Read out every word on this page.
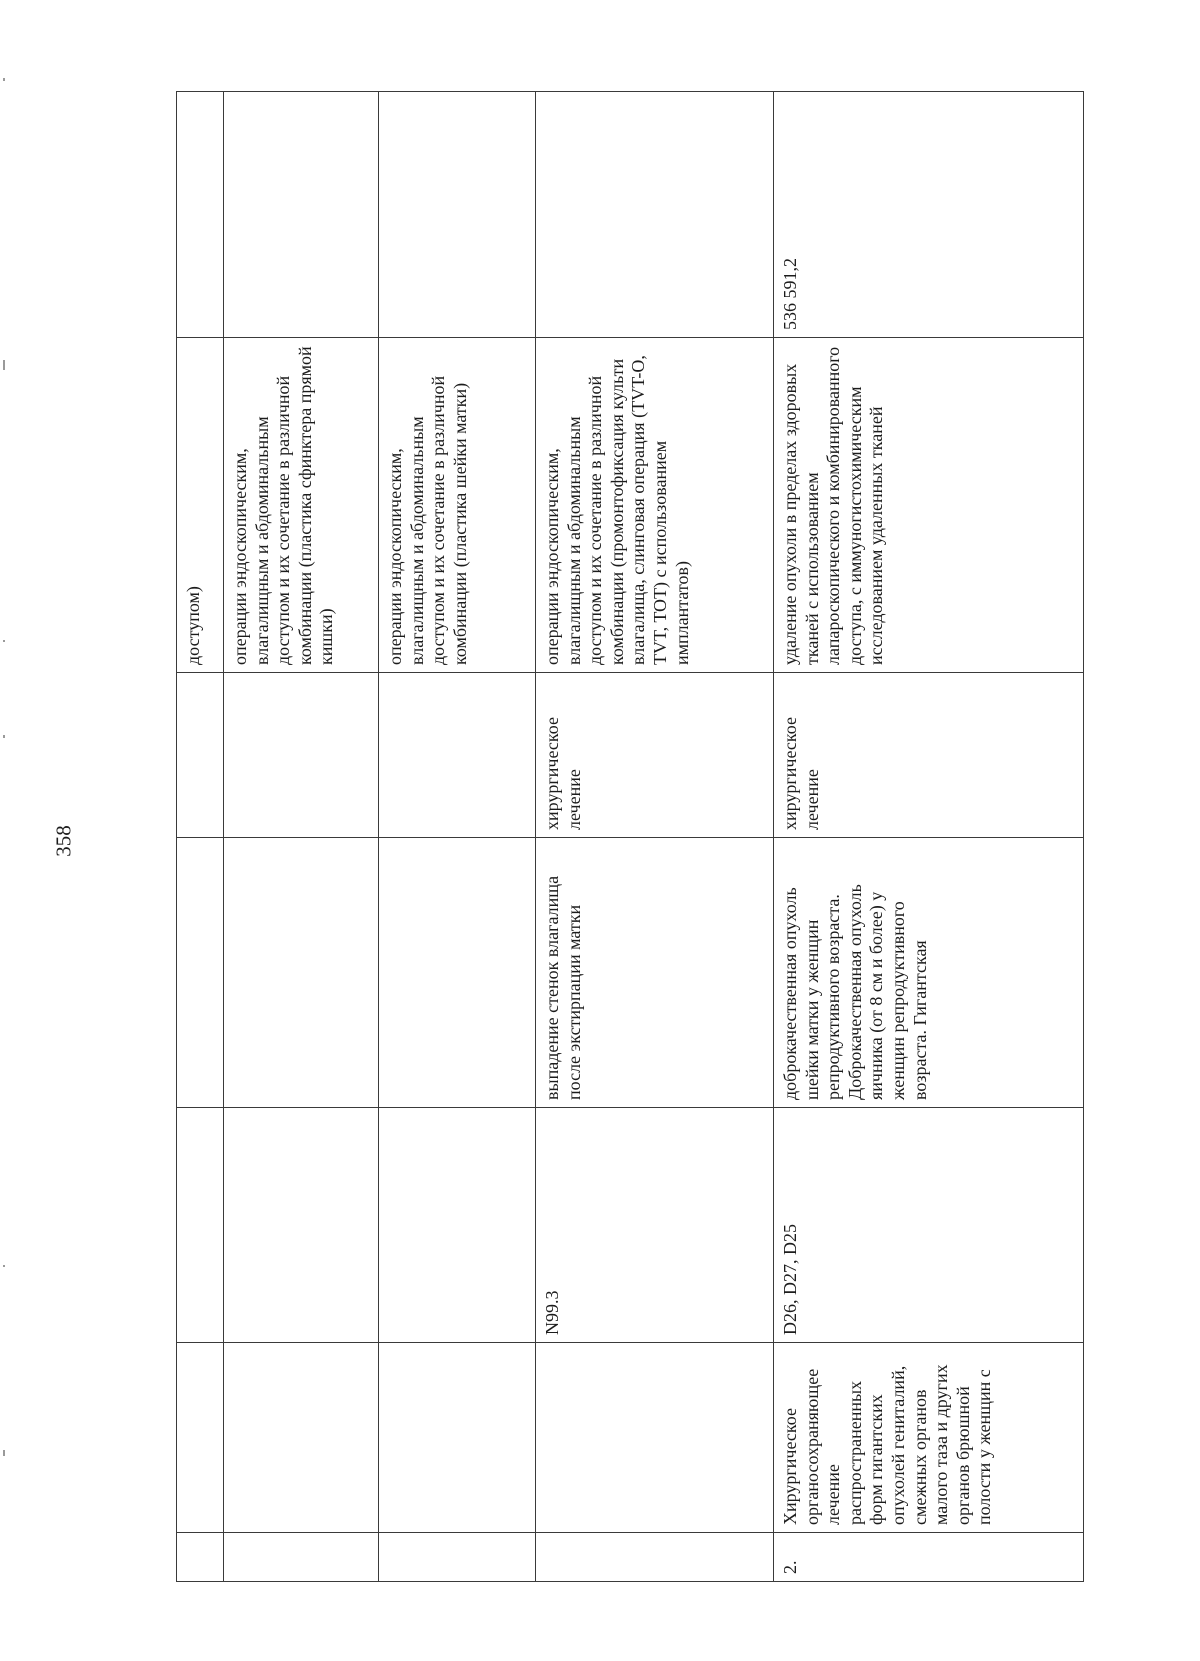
358
					доступом)	
					операции эндоскопическим, влагалищным и абдоминальным доступом и их сочетание в различной комбинации (пластика сфинктера прямой кишки)	
					операции эндоскопическим, влагалищным и абдоминальным доступом и их сочетание в различной комбинации (пластика шейки матки)	
		N99.3	выпадение стенок влагалища после экстирпации матки	хирургическое лечение	операции эндоскопическим, влагалищным и абдоминальным доступом и их сочетание в различной комбинации (промонтофиксация культи влагалища, слинговая операция (TVT-O, TVT, TOT) с использованием имплантатов)	
2.	Хирургическое органосохраняющее лечение распространенных форм гигантских опухолей гениталий, смежных органов малого таза и других органов брюшной полости у женщин с	D26, D27, D25	доброкачественная опухоль шейки матки у женщин репродуктивного возраста. Доброкачественная опухоль яичника (от 8 см и более) у женщин репродуктивного возраста. Гигантская	хирургическое лечение	удаление опухоли в пределах здоровых тканей с использованием лапароскопического и комбинированного доступа, с иммуногистохимическим исследованием удаленных тканей	536 591,2
